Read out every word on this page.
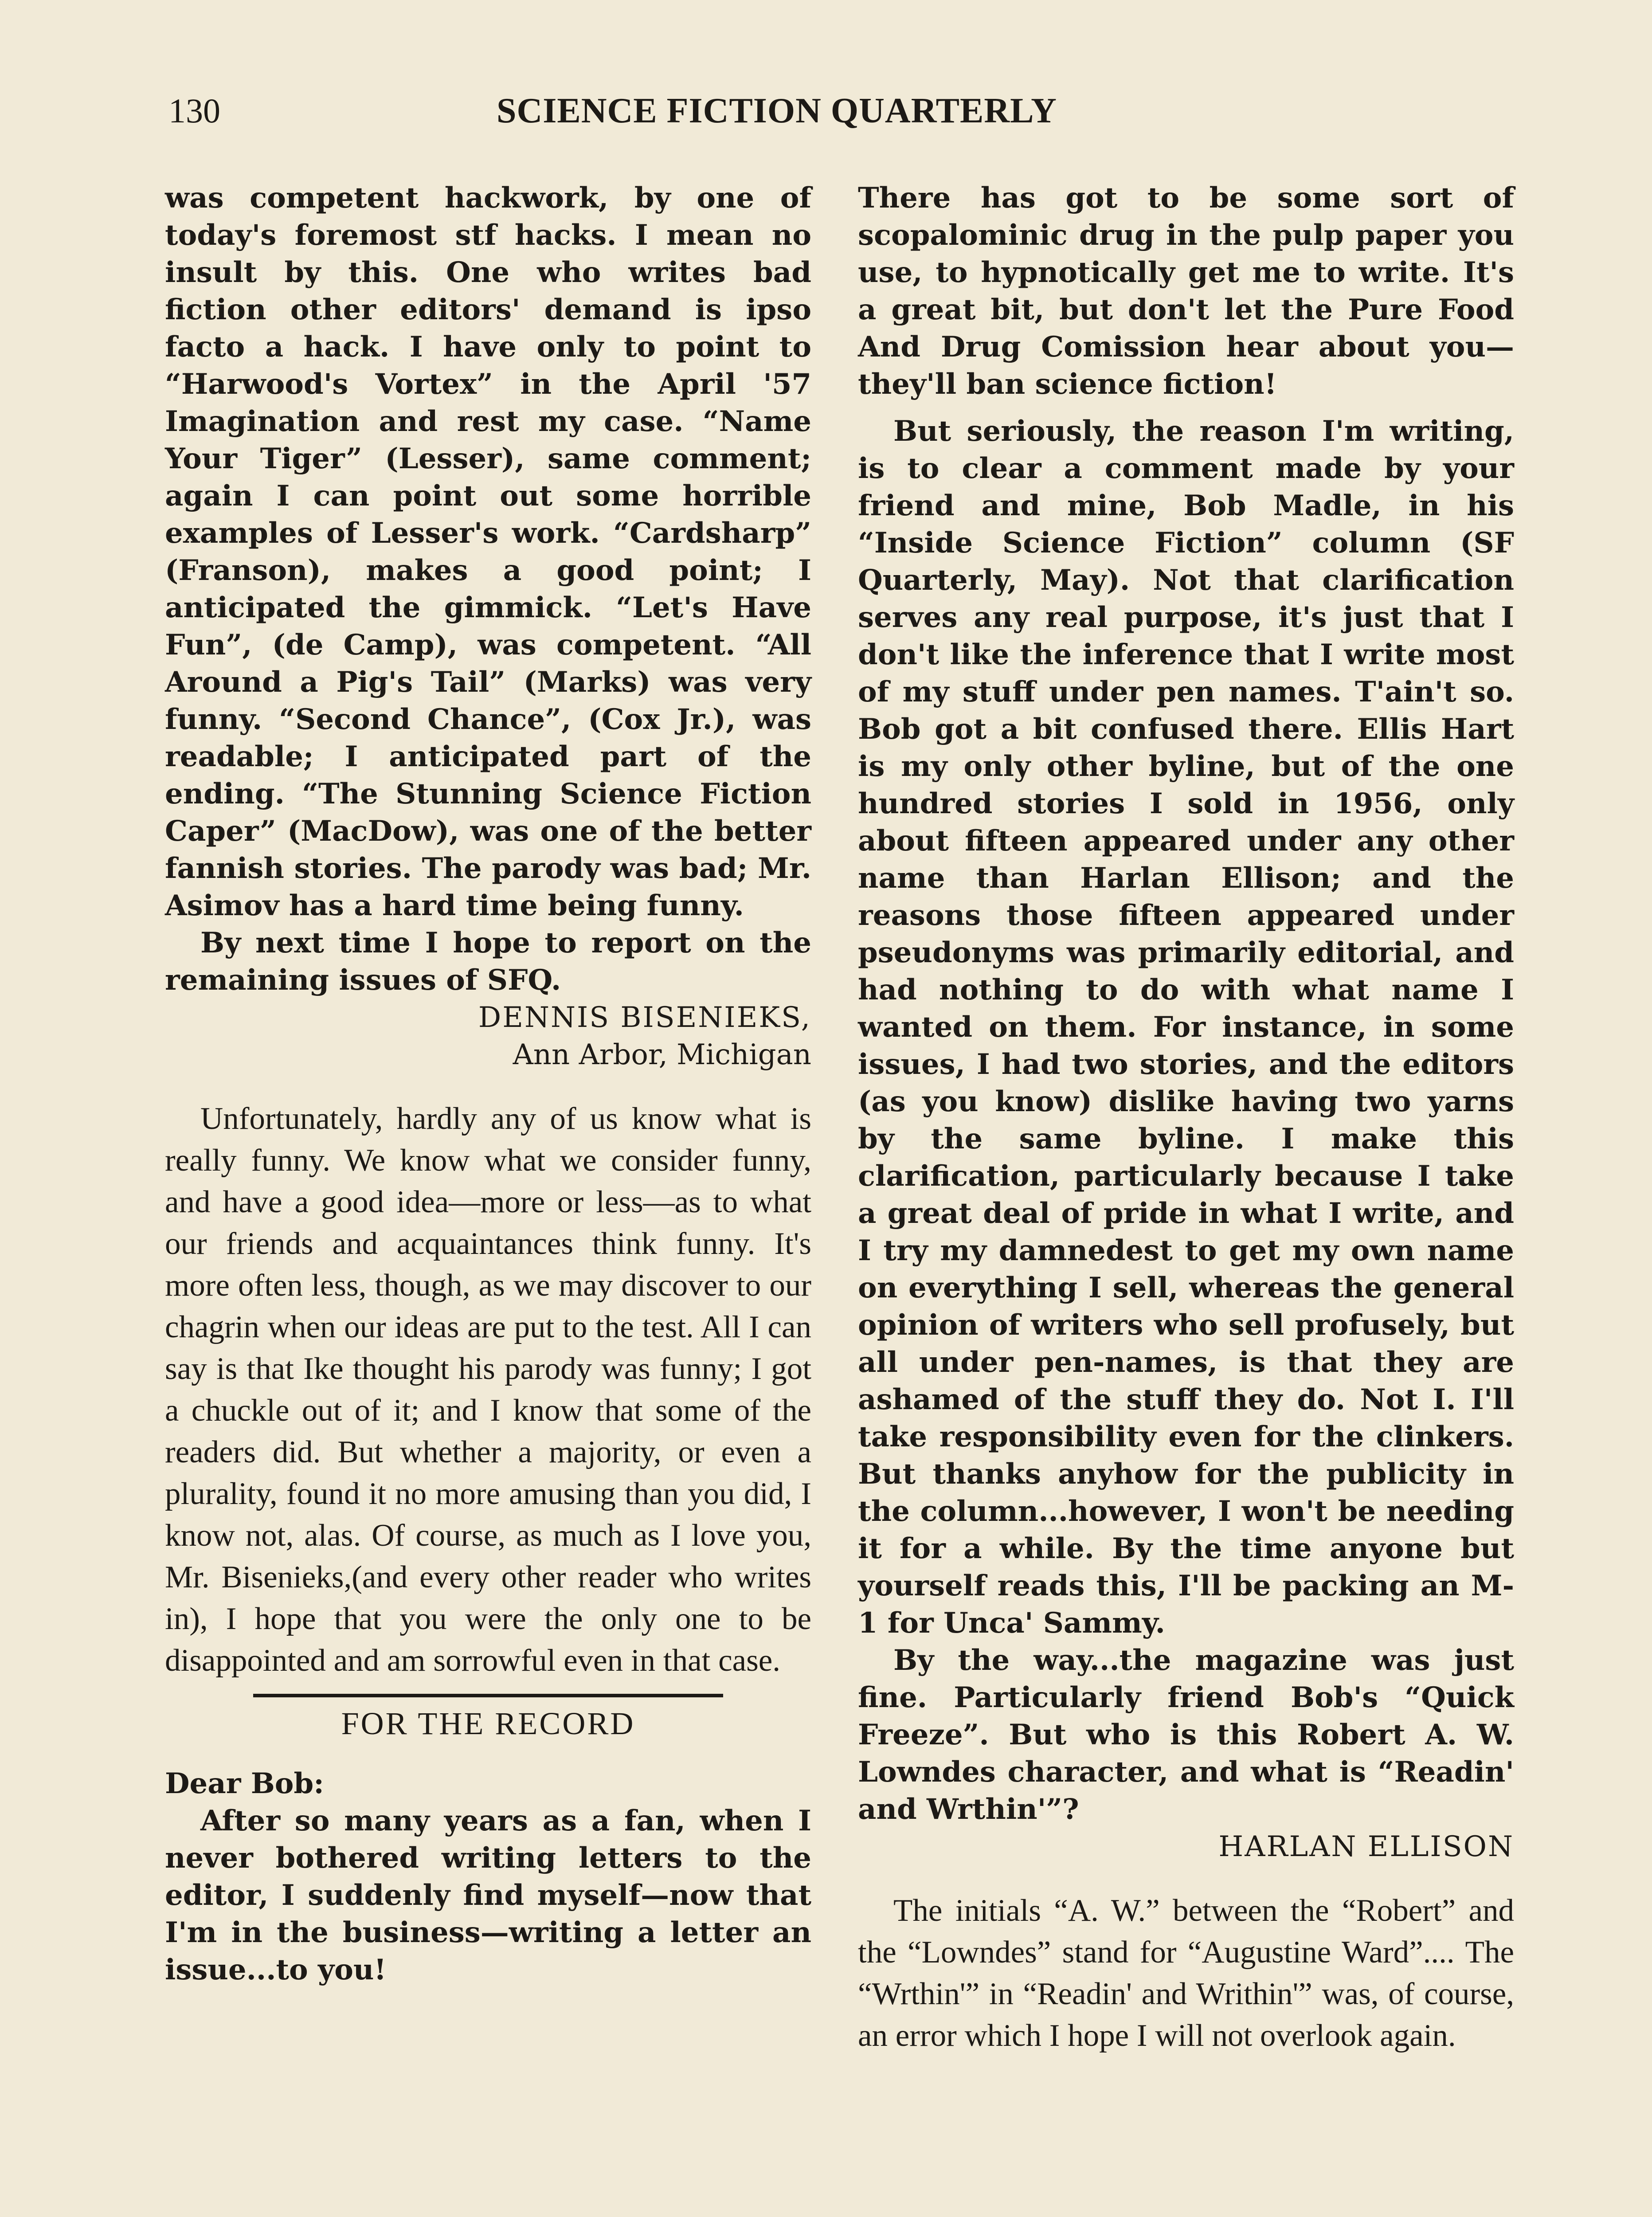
130	SCIENCE FICTION QUARTERLY

was competent hackwork, by one of today's foremost stf hacks. I mean no insult by this. One who writes bad fiction other editors' demand is ipso facto a hack. I have only to point to “Harwood's Vortex” in the April '57 Imagination and rest my case. “Name Your Tiger” (Lesser), same comment; again I can point out some horrible examples of Lesser's work. “Cardsharp” (Franson), makes a good point; I anticipated the gimmick. “Let's Have Fun”, (de Camp), was competent. “All Around a Pig's Tail” (Marks) was very funny. “Second Chance”, (Cox Jr.), was readable; I anticipated part of the ending. “The Stunning Science Fiction Caper” (MacDow), was one of the better fannish stories. The parody was bad; Mr. Asimov has a hard time being funny.

By next time I hope to report on the remaining issues of SFQ.

DENNIS BISENIEKS,
Ann Arbor, Michigan

Unfortunately, hardly any of us know what is really funny. We know what we consider funny, and have a good idea—more or less—as to what our friends and acquaintances think funny. It's more often less, though, as we may discover to our chagrin when our ideas are put to the test. All I can say is that Ike thought his parody was funny; I got a chuckle out of it; and I know that some of the readers did. But whether a majority, or even a plurality, found it no more amusing than you did, I know not, alas. Of course, as much as I love you, Mr. Bisenieks,(and every other reader who writes in), I hope that you were the only one to be disappointed and am sorrowful even in that case.

FOR THE RECORD

Dear Bob:

After so many years as a fan, when I never bothered writing letters to the editor, I suddenly find myself—now that I'm in the business—writing a letter an issue...to you!

There has got to be some sort of scopalominic drug in the pulp paper you use, to hypnotically get me to write. It's a great bit, but don't let the Pure Food And Drug Comission hear about you—they'll ban science fiction!

But seriously, the reason I'm writing, is to clear a comment made by your friend and mine, Bob Madle, in his “Inside Science Fiction” column (SF Quarterly, May). Not that clarification serves any real purpose, it's just that I don't like the inference that I write most of my stuff under pen names. T'ain't so. Bob got a bit confused there. Ellis Hart is my only other byline, but of the one hundred stories I sold in 1956, only about fifteen appeared under any other name than Harlan Ellison; and the reasons those fifteen appeared under pseudonyms was primarily editorial, and had nothing to do with what name I wanted on them. For instance, in some issues, I had two stories, and the editors (as you know) dislike having two yarns by the same byline. I make this clarification, particularly because I take a great deal of pride in what I write, and I try my damnedest to get my own name on everything I sell, whereas the general opinion of writers who sell profusely, but all under pen-names, is that they are ashamed of the stuff they do. Not I. I'll take responsibility even for the clinkers. But thanks anyhow for the publicity in the column...however, I won't be needing it for a while. By the time anyone but yourself reads this, I'll be packing an M-1 for Unca' Sammy.

By the way...the magazine was just fine. Particularly friend Bob's “Quick Freeze”. But who is this Robert A. W. Lowndes character, and what is “Readin' and Wrthin'”?

HARLAN ELLISON

The initials “A. W.” between the “Robert” and the “Lowndes” stand for “Augustine Ward”.... The “Wrthin'” in “Readin' and Writhin'” was, of course, an error which I hope I will not overlook again.
